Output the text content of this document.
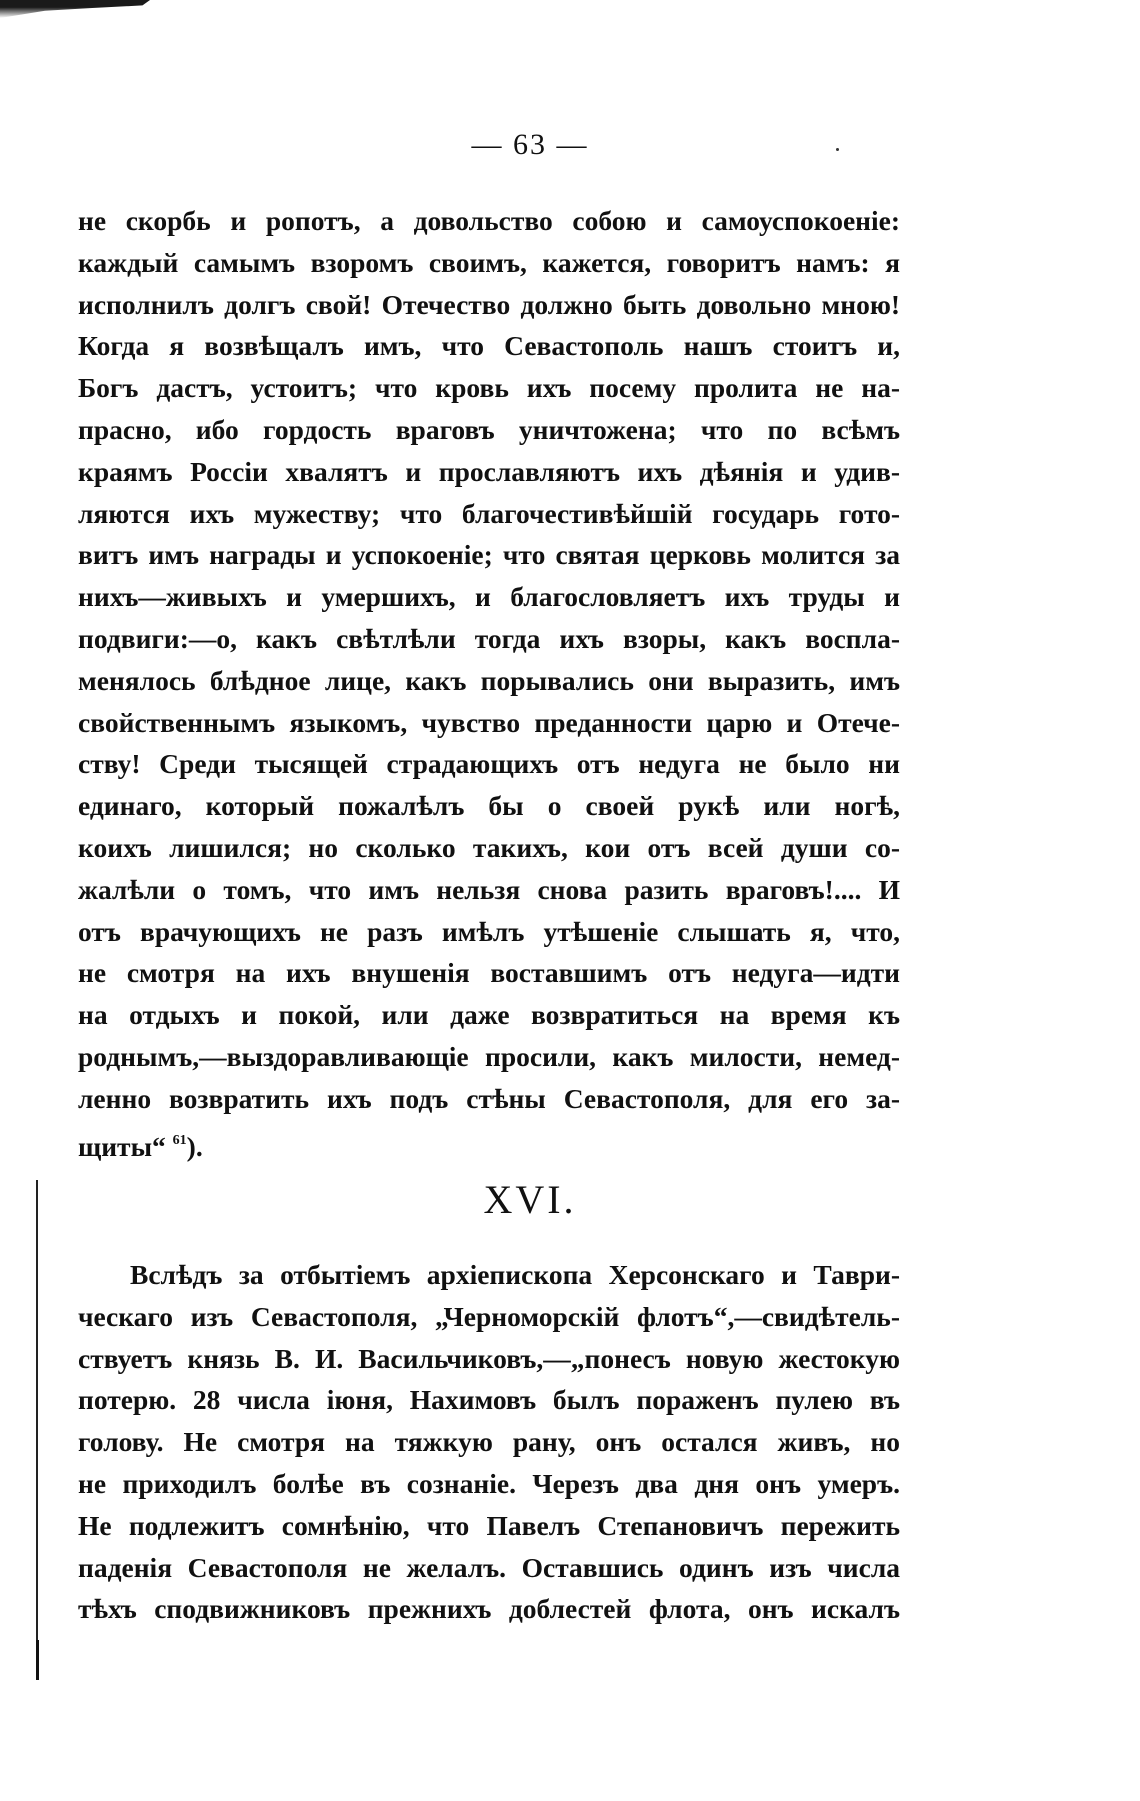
— 63 —
не скорбь и ропотъ, а довольство собою и самоуспокоеніе:
каждый самымъ взоромъ своимъ, кажется, говоритъ намъ: я
исполнилъ долгъ свой! Отечество должно быть довольно мною!
Когда я возвѣщалъ имъ, что Севастополь нашъ стоитъ и,
Богъ дастъ, устоитъ; что кровь ихъ посему пролита не на-
прасно, ибо гордость враговъ уничтожена; что по всѣмъ
краямъ Россіи хвалятъ и прославляютъ ихъ дѣянія и удив-
ляются ихъ мужеству; что благочестивѣйшій государь гото-
витъ имъ награды и успокоеніе; что святая церковь молится за
нихъ—живыхъ и умершихъ, и благословляетъ ихъ труды и
подвиги:—о, какъ свѣтлѣли тогда ихъ взоры, какъ воспла-
менялось блѣдное лице, какъ порывались они выразить, имъ
свойственнымъ языкомъ, чувство преданности царю и Отече-
ству! Среди тысящей страдающихъ отъ недуга не было ни
единаго, который пожалѣлъ бы о своей рукѣ или ногѣ,
коихъ лишился; но сколько такихъ, кои отъ всей души со-
жалѣли о томъ, что имъ нельзя снова разить враговъ!.... И
отъ врачующихъ не разъ имѣлъ утѣшеніе слышать я, что,
не смотря на ихъ внушенія воставшимъ отъ недуга—идти
на отдыхъ и покой, или даже возвратиться на время къ
роднымъ,—выздоравливающіе просили, какъ милости, немед-
ленно возвратить ихъ подъ стѣны Севастополя, для его за-
щиты“ $^{61}$).
XVI.
Вслѣдъ за отбытіемъ архіепископа Херсонскаго и Таври-
ческаго изъ Севастополя, „Черноморскій флотъ“,—свидѣтель-
ствуетъ князь В. И. Васильчиковъ,—„понесъ новую жестокую
потерю. 28 числа іюня, Нахимовъ былъ пораженъ пулею въ
голову. Не смотря на тяжкую рану, онъ остался живъ, но
не приходилъ болѣе въ сознаніе. Черезъ два дня онъ умеръ.
Не подлежитъ сомнѣнію, что Павелъ Степановичъ пережить
паденія Севастополя не желалъ. Оставшись одинъ изъ числа
тѣхъ сподвижниковъ прежнихъ доблестей флота, онъ искалъ
